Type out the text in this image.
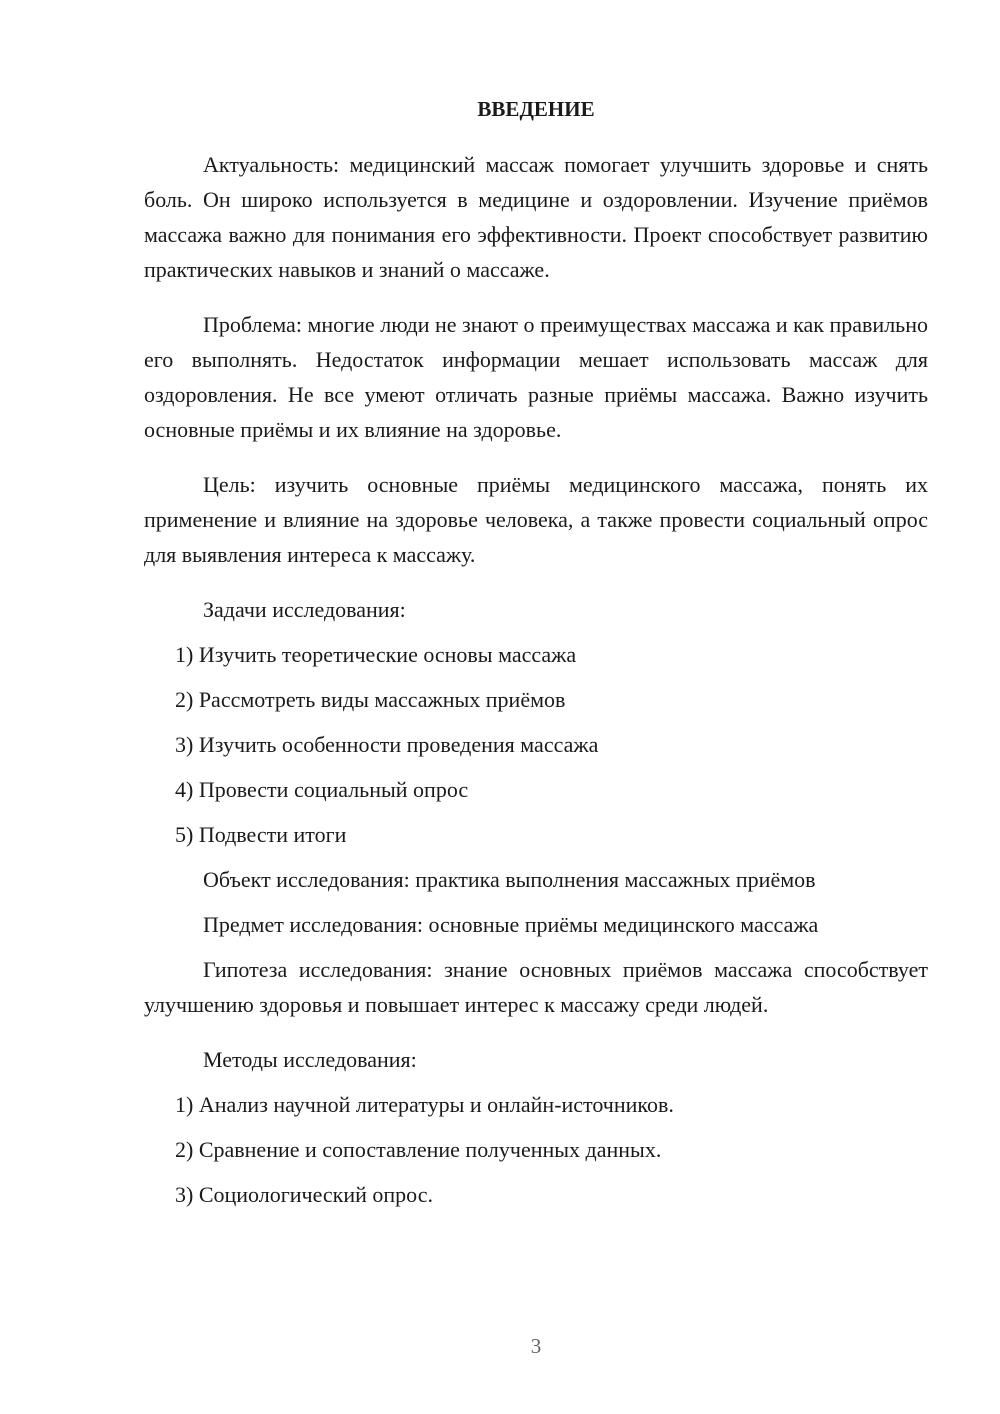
ВВЕДЕНИЕ

Актуальность: медицинский массаж помогает улучшить здоровье и снять боль. Он широко используется в медицине и оздоровлении. Изучение приёмов массажа важно для понимания его эффективности. Проект способствует развитию практических навыков и знаний о массаже.

Проблема: многие люди не знают о преимуществах массажа и как правильно его выполнять. Недостаток информации мешает использовать массаж для оздоровления. Не все умеют отличать разные приёмы массажа. Важно изучить основные приёмы и их влияние на здоровье.

Цель: изучить основные приёмы медицинского массажа, понять их применение и влияние на здоровье человека, а также провести социальный опрос для выявления интереса к массажу.

Задачи исследования:

1) Изучить теоретические основы массажа

2) Рассмотреть виды массажных приёмов

3) Изучить особенности проведения массажа

4) Провести социальный опрос

5) Подвести итоги

Объект исследования: практика выполнения массажных приёмов

Предмет исследования: основные приёмы медицинского массажа

Гипотеза исследования: знание основных приёмов массажа способствует улучшению здоровья и повышает интерес к массажу среди людей.

Методы исследования:

1) Анализ научной литературы и онлайн-источников.

2) Сравнение и сопоставление полученных данных.

3) Социологический опрос.

3
